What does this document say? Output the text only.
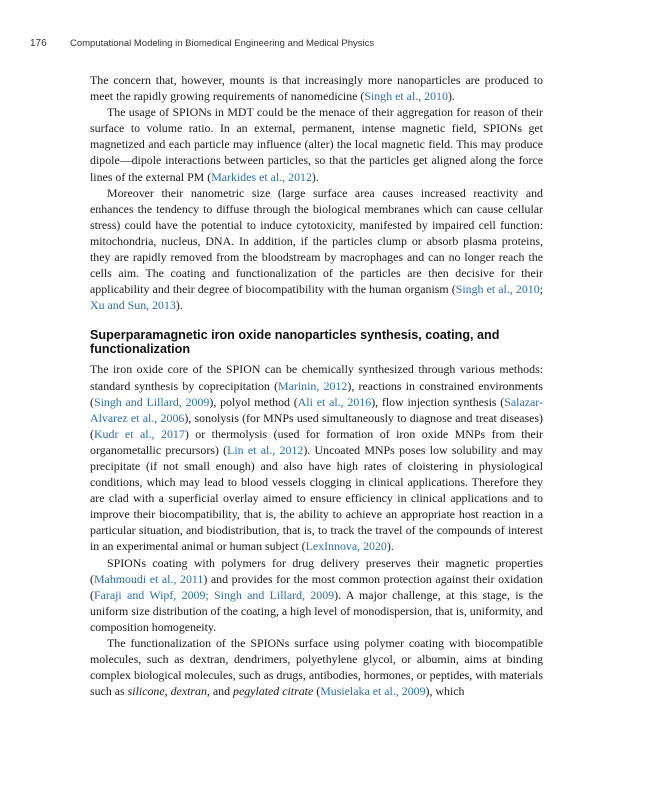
176 Computational Modeling in Biomedical Engineering and Medical Physics

The concern that, however, mounts is that increasingly more nanoparticles are produced to meet the rapidly growing requirements of nanomedicine (Singh et al., 2010).

The usage of SPIONs in MDT could be the menace of their aggregation for reason of their surface to volume ratio. In an external, permanent, intense magnetic field, SPIONs get magnetized and each particle may influence (alter) the local magnetic field. This may produce dipole—dipole interactions between particles, so that the particles get aligned along the force lines of the external PM (Markides et al., 2012).

Moreover their nanometric size (large surface area causes increased reactivity and enhances the tendency to diffuse through the biological membranes which can cause cellular stress) could have the potential to induce cytotoxicity, manifested by impaired cell function: mitochondria, nucleus, DNA. In addition, if the particles clump or absorb plasma proteins, they are rapidly removed from the bloodstream by macrophages and can no longer reach the cells aim. The coating and functionalization of the particles are then decisive for their applicability and their degree of biocompatibility with the human organism (Singh et al., 2010; Xu and Sun, 2013).

Superparamagnetic iron oxide nanoparticles synthesis, coating, and functionalization

The iron oxide core of the SPION can be chemically synthesized through various methods: standard synthesis by coprecipitation (Marinin, 2012), reactions in constrained environments (Singh and Lillard, 2009), polyol method (Ali et al., 2016), flow injection synthesis (Salazar-Alvarez et al., 2006), sonolysis (for MNPs used simultaneously to diagnose and treat diseases) (Kudr et al., 2017) or thermolysis (used for formation of iron oxide MNPs from their organometallic precursors) (Lin et al., 2012). Uncoated MNPs poses low solubility and may precipitate (if not small enough) and also have high rates of cloistering in physiological conditions, which may lead to blood vessels clogging in clinical applications. Therefore they are clad with a superficial overlay aimed to ensure efficiency in clinical applications and to improve their biocompatibility, that is, the ability to achieve an appropriate host reaction in a particular situation, and biodistribution, that is, to track the travel of the compounds of interest in an experimental animal or human subject (LexInnova, 2020).

SPIONs coating with polymers for drug delivery preserves their magnetic properties (Mahmoudi et al., 2011) and provides for the most common protection against their oxidation (Faraji and Wipf, 2009; Singh and Lillard, 2009). A major challenge, at this stage, is the uniform size distribution of the coating, a high level of monodispersion, that is, uniformity, and composition homogeneity.

The functionalization of the SPIONs surface using polymer coating with biocompatible molecules, such as dextran, dendrimers, polyethylene glycol, or albumin, aims at binding complex biological molecules, such as drugs, antibodies, hormones, or peptides, with materials such as silicone, dextran, and pegylated citrate (Musielaka et al., 2009), which
